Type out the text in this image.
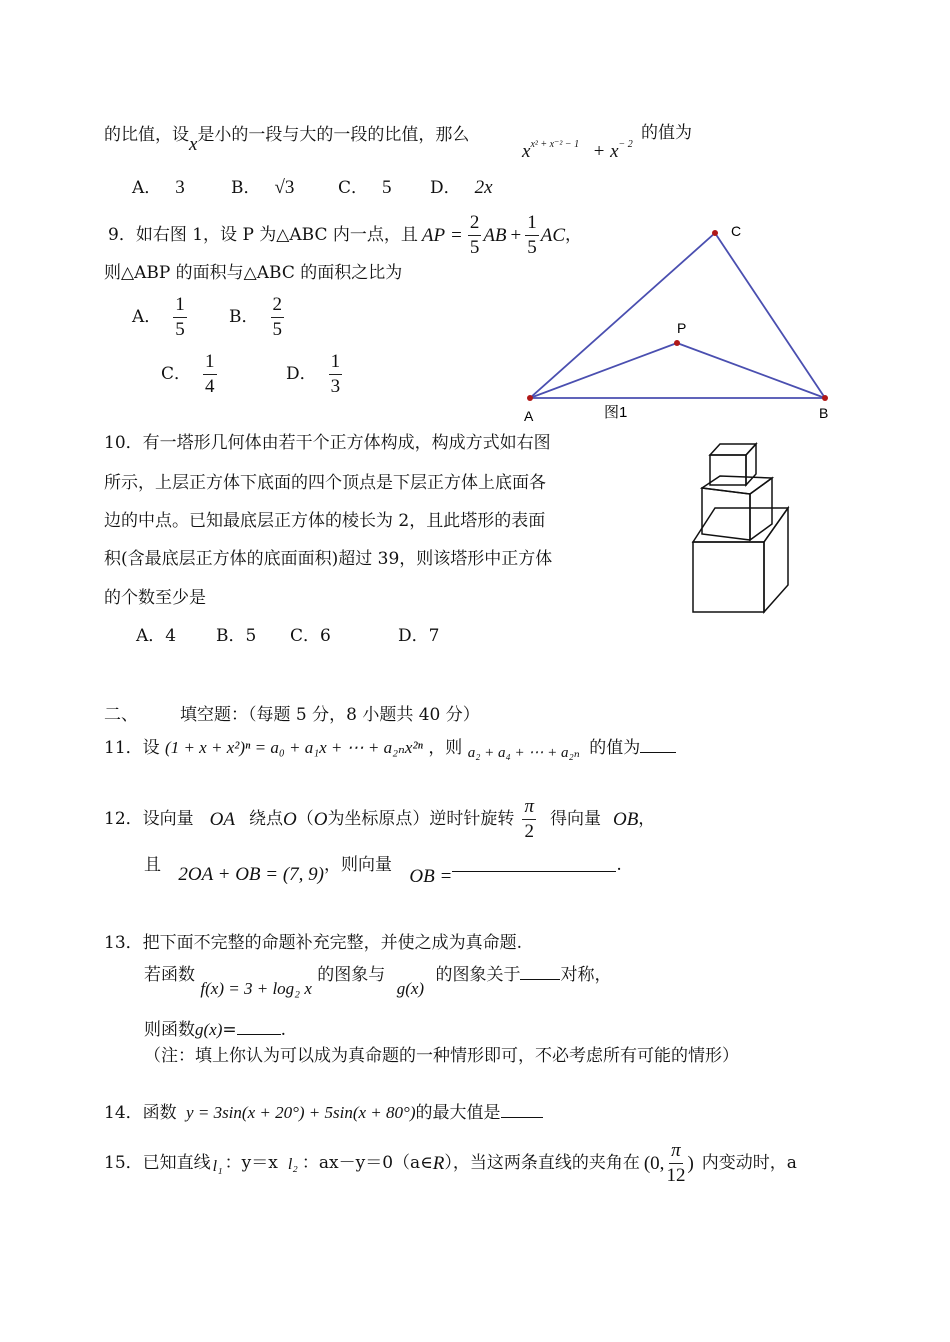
的比值，设x是小的一段与大的一段的比值，那么
$x_{x^2 + x^{-2} - 1} + x_{- 2}$
的值为
A． 3	B． √3	C． 5 D． 2x
9． 如右图 1，设 P 为△ABC 内一点，且 AP = $\frac{2}{5}$ AB + $\frac{1}{5}$ AC ，
则△ABP 的面积与△ABC 的面积之比为
A． $\frac{1}{5}$ B． $\frac{2}{5}$
C． $\frac{1}{4}$	D． $\frac{1}{3}$
A	B
C
P
图1
10．有一塔形几何体由若干个正方体构成，构成方式如右图
所示，上层正方体下底面的四个顶点是下层正方体上底面各
边的中点。已知最底层正方体的棱长为 2，且此塔形的表面
积(含最底层正方体的底面面积)超过 39，则该塔形中正方体
的个数至少是
A．4 B．5 C．6	D．7
二、 填空题：（每题 5 分，8 小题共 40 分）
11．设 (1 + x + x²)ⁿ = a₀ + a₁x + ⋯ + a₂ₙx²ⁿ ，则 a₂ + a₄ + ⋯ + a₂ₙ 的值为
12． 设向量 OA 绕点 O （ O 为坐标原点）逆时针旋转 $\frac{\pi}{2}$ 得向量 OB ，
且 2OA + OB = (7, 9)，则向量 OB =.
13．把下面不完整的命题补充完整，并使之成为真命题.
若函数 f(x) = 3 + log₂ x 的图象与 g(x) 的图象关于 对称，
则函数g(x)=	.
（注：填上你认为可以成为真命题的一种情形即可，不必考虑所有可能的情形）
14．函数 y = 3sin(x + 20°) + 5sin(x + 80°)的最大值是
15． 已知直线 l₁ ：y＝x l₂ ：ax－y＝0（a∈ R ），当这两条直线的夹角在 (0, $\frac{\pi}{12}$ ) 内变动时，a
